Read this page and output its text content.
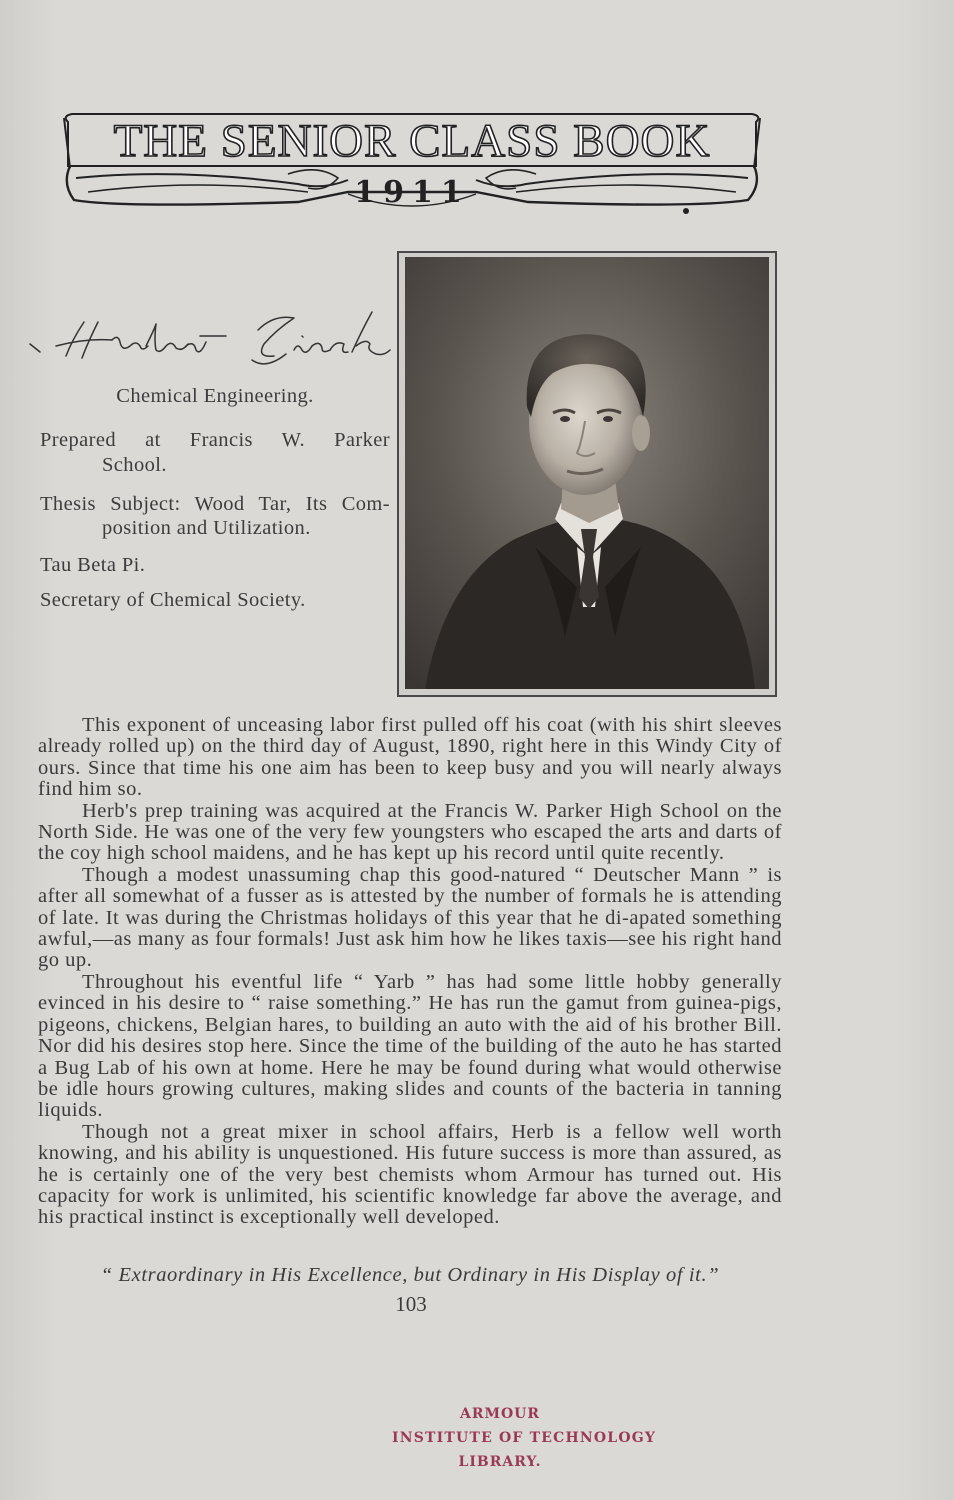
THE SENIOR CLASS BOOK
1911
Chemical Engineering.
Prepared at Francis W. Parker
School.
Thesis Subject: Wood Tar, Its Com-
position and Utilization.
Tau Beta Pi.
Secretary of Chemical Society.

This exponent of unceasing labor first pulled off his coat (with his shirt sleeves already rolled up) on the third day of August, 1890, right here in this Windy City of ours. Since that time his one aim has been to keep busy and you will nearly always find him so.

Herb's prep training was acquired at the Francis W. Parker High School on the North Side. He was one of the very few youngsters who escaped the arts and darts of the coy high school maidens, and he has kept up his record until quite recently.

Though a modest unassuming chap this good-natured “ Deutscher Mann ” is after all somewhat of a fusser as is attested by the number of formals he is attending of late. It was during the Christmas holidays of this year that he di-apated something awful,—as many as four formals! Just ask him how he likes taxis—see his right hand go up.

Throughout his eventful life “ Yarb ” has had some little hobby generally evinced in his desire to “ raise something.” He has run the gamut from guinea-pigs, pigeons, chickens, Belgian hares, to building an auto with the aid of his brother Bill. Nor did his desires stop here. Since the time of the building of the auto he has started a Bug Lab of his own at home. Here he may be found during what would otherwise be idle hours growing cultures, making slides and counts of the bacteria in tanning liquids.

Though not a great mixer in school affairs, Herb is a fellow well worth knowing, and his ability is unquestioned. His future success is more than assured, as he is certainly one of the very best chemists whom Armour has turned out. His capacity for work is unlimited, his scientific knowledge far above the average, and his practical instinct is exceptionally well developed.

“ Extraordinary in His Excellence, but Ordinary in His Display of it.”
103
ARMOUR
INSTITUTE OF TECHNOLOGY
LIBRARY.
